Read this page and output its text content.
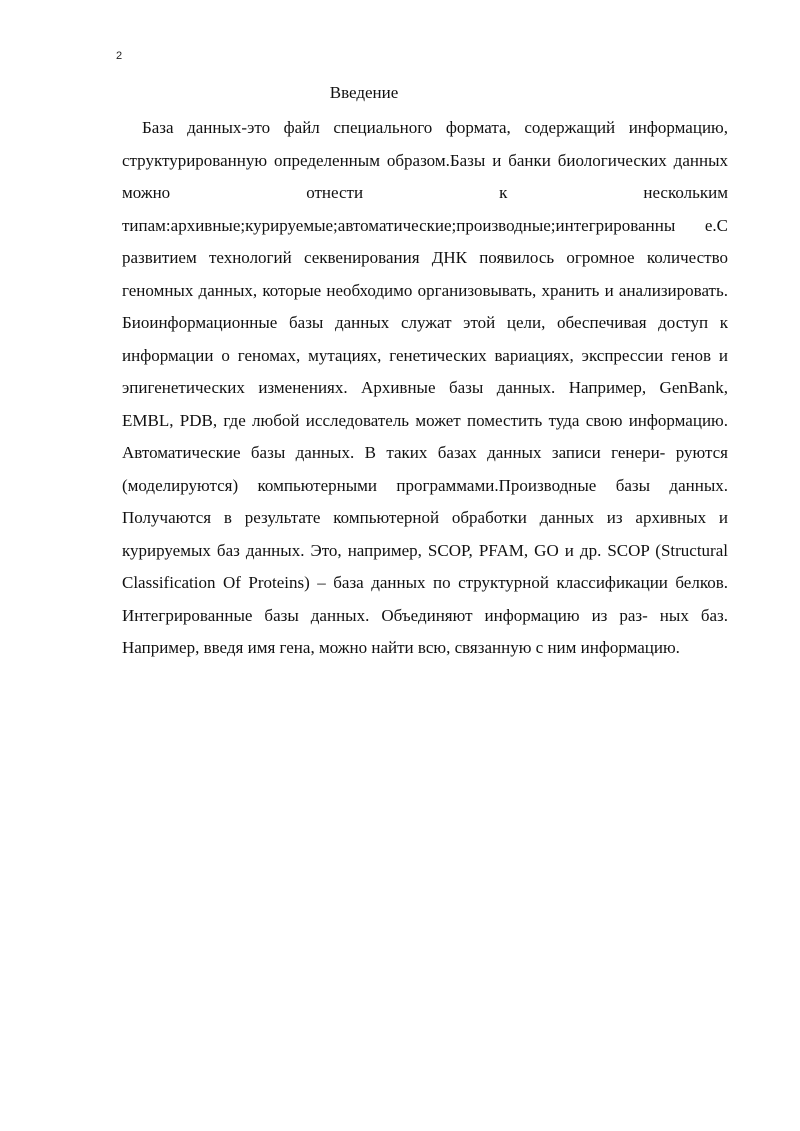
2
Введение

База данных-это файл специального формата, содержащий информацию, структурированную определенным образом.Базы и банки биологических данных можно отнести к нескольким типам:архивные;курируемые;автоматические;производные;интегрированны е.С развитием технологий секвенирования ДНК появилось огромное количество геномных данных, которые необходимо организовывать, хранить и анализировать. Биоинформационные базы данных служат этой цели, обеспечивая доступ к информации о геномах, мутациях, генетических вариациях, экспрессии генов и эпигенетических изменениях. Архивные базы данных. Например, GenBank, EMBL, PDB, где любой исследователь может поместить туда свою информацию. Автоматические базы данных. В таких базах данных записи генери- руются (моделируются) компьютерными программами.Производные базы данных. Получаются в результате компьютерной обработки данных из архивных и курируемых баз данных. Это, например, SCOP, PFAM, GO и др. SCOP (Structural Classification Of Proteins) – база данных по структурной классификации белков. Интегрированные базы данных. Объединяют информацию из раз- ных баз. Например, введя имя гена, можно найти всю, связанную с ним информацию.
